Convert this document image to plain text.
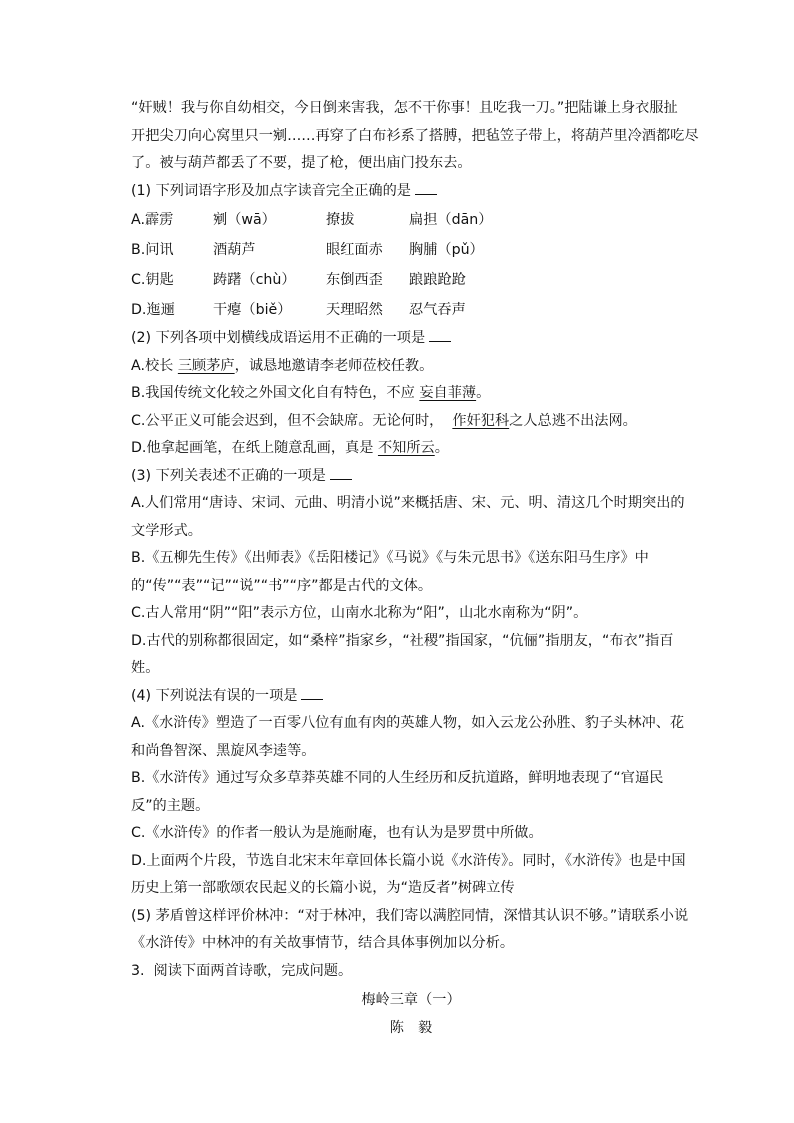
“奸贼！我与你自幼相交，今日倒来害我，怎不干你事！且吃我一刀。”把陆谦上身衣服扯

开把尖刀向心窝里只一剜……再穿了白布衫系了搭膊，把毡笠子带上，将葫芦里冷酒都吃尽

了。被与葫芦都丢了不要，提了枪，便出庙门投东去。

(1) 下列词语字形及加点字读音完全正确的是

A.霹雳	剜（wā）	撩拔	扁担（dān）
B.问讯	酒葫芦	眼红面赤	胸脯（pǔ）
C.钥匙	踌躇（chù）	东倒西歪	踉踉跄跄
D.迤逦	干瘪（biě）	天理昭然	忍气吞声

(2) 下列各项中划横线成语运用不正确的一项是

A.校长 三顾茅庐，诚恳地邀请李老师莅校任教。

B.我国传统文化较之外国文化自有特色，不应 妄自菲薄。

C.公平正义可能会迟到，但不会缺席。无论何时，  作奸犯科之人总逃不出法网。

D.他拿起画笔，在纸上随意乱画，真是 不知所云。

(3) 下列关表述不正确的一项是

A.人们常用“唐诗、宋词、元曲、明清小说”来概括唐、宋、元、明、清这几个时期突出的文学形式。

B.《五柳先生传》《出师表》《岳阳楼记》《马说》《与朱元思书》《送东阳马生序》中的“传”“表”“记”“说”“书”“序”都是古代的文体。

C.古人常用“阴”“阳”表示方位，山南水北称为“阳”，山北水南称为“阴”。

D.古代的别称都很固定，如“桑梓”指家乡，“社稷”指国家，“伉俪”指朋友，“布衣”指百姓。

(4) 下列说法有误的一项是

A.《水浒传》塑造了一百零八位有血有肉的英雄人物，如入云龙公孙胜、豹子头林冲、花和尚鲁智深、黑旋风李逵等。

B.《水浒传》通过写众多草莽英雄不同的人生经历和反抗道路，鲜明地表现了“官逼民反”的主题。

C.《水浒传》的作者一般认为是施耐庵，也有认为是罗贯中所做。

D.上面两个片段，节选自北宋末年章回体长篇小说《水浒传》。同时，《水浒传》也是中国历史上第一部歌颂农民起义的长篇小说，为“造反者”树碑立传

(5) 茅盾曾这样评价林冲：“对于林冲，我们寄以满腔同情，深惜其认识不够。”请联系小说《水浒传》中林冲的有关故事情节，结合具体事例加以分析。

3.  阅读下面两首诗歌，完成问题。

梅岭三章（一）

陈毅
